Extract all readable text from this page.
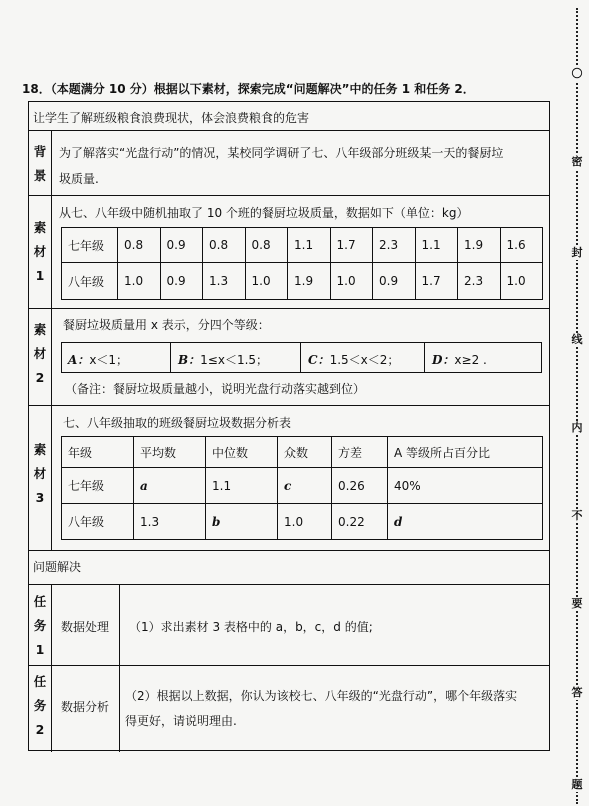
〇
密
封
线
内
不
要
答
题
18．（本题满分 10 分）根据以下素材，探索完成“问题解决”中的任务 1 和任务 2．
让学生了解班级粮食浪费现状，体会浪费粮食的危害
背
景
为了解落实“光盘行动”的情况，某校同学调研了七、八年级部分班级某一天的餐厨垃
圾质量.
素
材
1
从七、八年级中随机抽取了 10 个班的餐厨垃圾质量，数据如下（单位：kg）
七年级	0.8	0.9	0.8	0.8	1.1	1.7	2.3	1.1	1.9	1.6
八年级	1.0	0.9	1.3	1.0	1.9	1.0	0.9	1.7	2.3	1.0
素
材
2
餐厨垃圾质量用 x 表示，分四个等级：
A：x＜1；	B：1≤x＜1.5；	C：1.5＜x＜2；	D：x≥2 .
（备注：餐厨垃圾质量越小，说明光盘行动落实越到位）
素
材
3
七、八年级抽取的班级餐厨垃圾数据分析表
年级	平均数	中位数	众数	方差	A 等级所占百分比
七年级	a	1.1	c	0.26	40%
八年级	1.3	b	1.0	0.22	d
问题解决
任
务
1
数据处理 （1）求出素材 3 表格中的 a，b，c，d 的值;
任
务
2
数据分析
（2）根据以上数据，你认为该校七、八年级的“光盘行动”，哪个年级落实
得更好，请说明理由.
